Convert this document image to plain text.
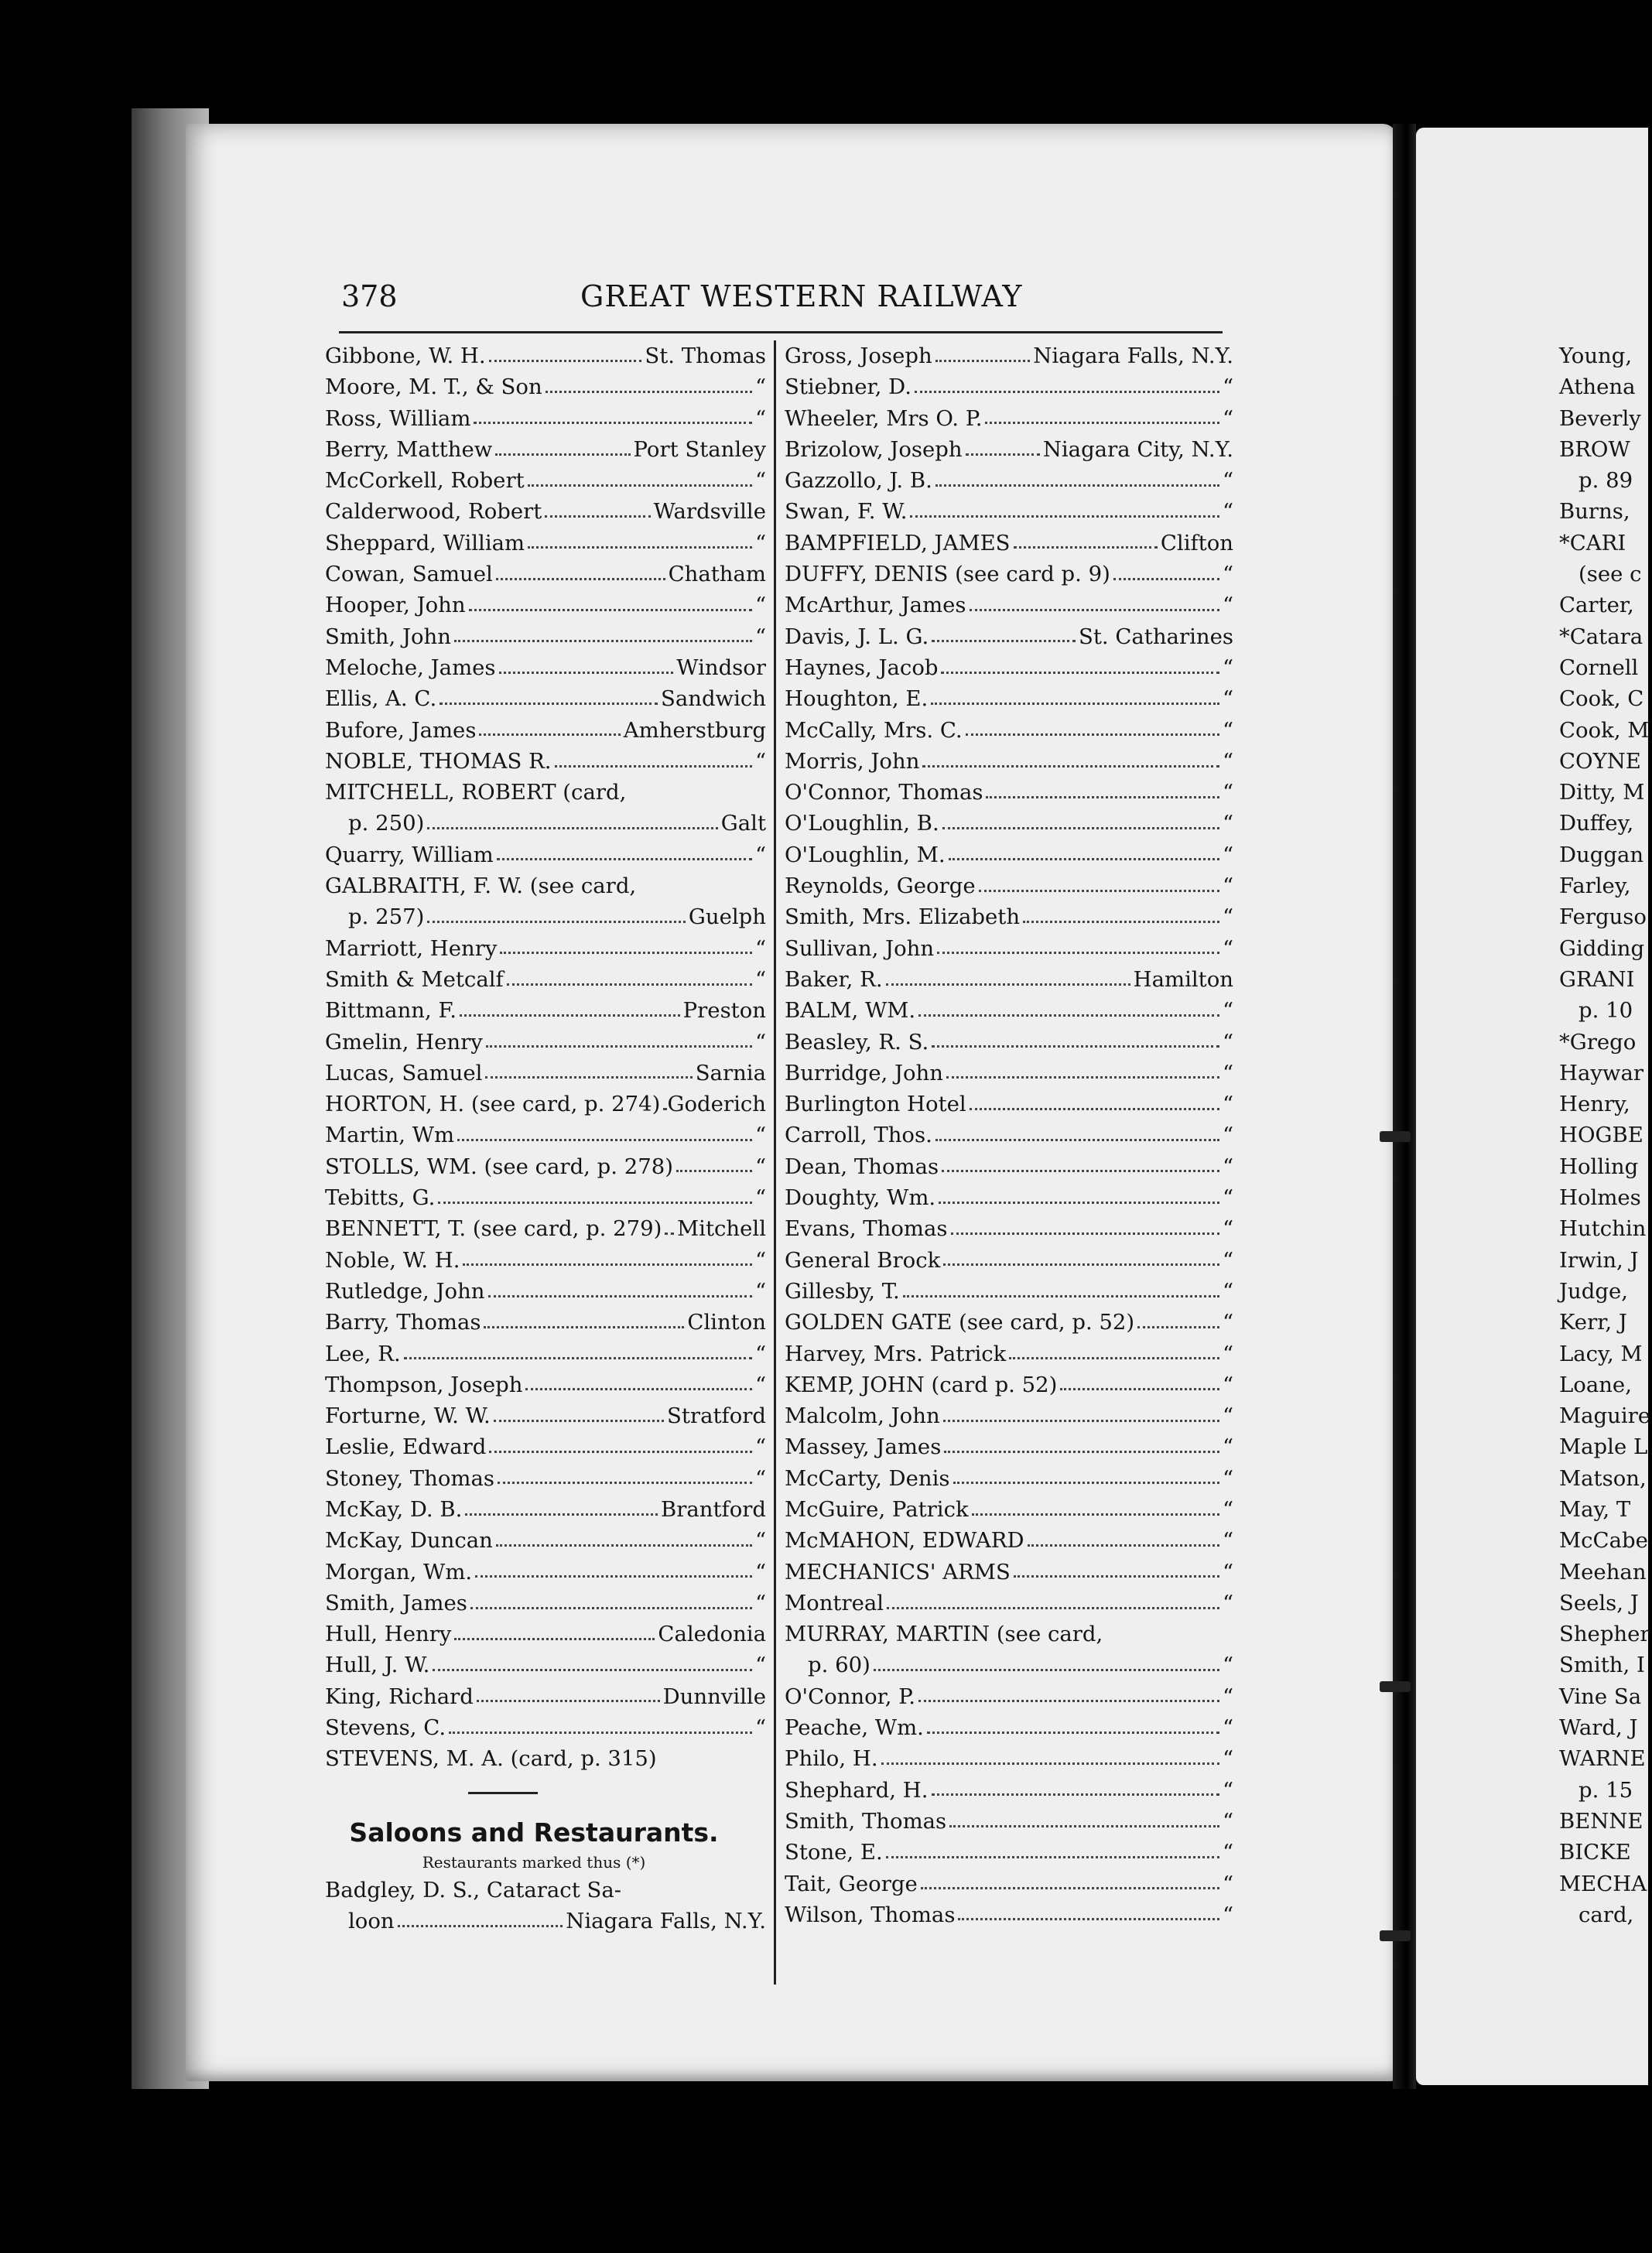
378	GREAT WESTERN RAILWAY
Gibbone, W. H.	St. Thomas
Moore, M. T., & Son	“
Ross, William	“
Berry, Matthew	Port Stanley
McCorkell, Robert	“
Calderwood, Robert	Wardsville
Sheppard, William	“
Cowan, Samuel	Chatham
Hooper, John	“
Smith, John	“
Meloche, James	Windsor
Ellis, A. C.	Sandwich
Bufore, James	Amherstburg
NOBLE, THOMAS R.	“
MITCHELL, ROBERT (card,
p. 250)	Galt
Quarry, William	“
GALBRAITH, F. W. (see card,
p. 257)	Guelph
Marriott, Henry	“
Smith & Metcalf	“
Bittmann, F.	Preston
Gmelin, Henry	“
Lucas, Samuel	Sarnia
HORTON, H. (see card, p. 274) Goderich
Martin, Wm	“
STOLLS, WM. (see card, p. 278)	“
Tebitts, G.	“
BENNETT, T. (see card, p. 279) Mitchell
Noble, W. H.	“
Rutledge, John	“
Barry, Thomas	Clinton
Lee, R.	“
Thompson, Joseph	“
Forturne, W. W.	Stratford
Leslie, Edward	“
Stoney, Thomas	“
McKay, D. B.	Brantford
McKay, Duncan	“
Morgan, Wm.	“
Smith, James	“
Hull, Henry	Caledonia
Hull, J. W.	“
King, Richard	Dunnville
Stevens, C.	“
STEVENS, M. A. (card, p. 315)
Saloons and Restaurants.
Restaurants marked thus (*)
Badgley, D. S., Cataract Sa-
loon	Niagara Falls, N.Y.
Gross, Joseph	Niagara Falls, N.Y.
Stiebner, D.	“
Wheeler, Mrs O. P.	“
Brizolow, Joseph	Niagara City, N.Y.
Gazzollo, J. B.	“
Swan, F. W.	“
BAMPFIELD, JAMES	Clifton
DUFFY, DENIS (see card p. 9)	“
McArthur, James	“
Davis, J. L. G.	St. Catharines
Haynes, Jacob	“
Houghton, E.	“
McCally, Mrs. C.	“
Morris, John	“
O'Connor, Thomas	“
O'Loughlin, B.	“
O'Loughlin, M.	“
Reynolds, George	“
Smith, Mrs. Elizabeth	“
Sullivan, John	“
Baker, R.	Hamilton
BALM, WM.	“
Beasley, R. S.	“
Burridge, John	“
Burlington Hotel	“
Carroll, Thos.	“
Dean, Thomas	“
Doughty, Wm.	“
Evans, Thomas	“
General Brock	“
Gillesby, T.	“
GOLDEN GATE (see card, p. 52)	“
Harvey, Mrs. Patrick	“
KEMP, JOHN (card p. 52)	“
Malcolm, John	“
Massey, James	“
McCarty, Denis	“
McGuire, Patrick	“
McMAHON, EDWARD	“
MECHANICS' ARMS	“
Montreal	“
MURRAY, MARTIN (see card,
p. 60)	“
O'Connor, P.	“
Peache, Wm.	“
Philo, H.	“
Shephard, H.	“
Smith, Thomas	“
Stone, E.	“
Tait, George	“
Wilson, Thomas	“
Young,
Athena
Beverly
BROW
p. 89
Burns,
*CARI
(see c
Carter,
*Catara
Cornell
Cook, C
Cook, M
COYNE
Ditty, M
Duffey,
Duggan
Farley,
Ferguso
Gidding
GRANI
p. 10
*Grego
Haywar
Henry,
HOGBE
Holling
Holmes
Hutchin
Irwin, J
Judge,
Kerr, J
Lacy, M
Loane,
Maguire
Maple L
Matson,
May, T
McCabe
Meehan
Seels, J
Shepher
Smith, I
Vine Sa
Ward, J
WARNE
p. 15
BENNE
BICKE
MECHA
card,
